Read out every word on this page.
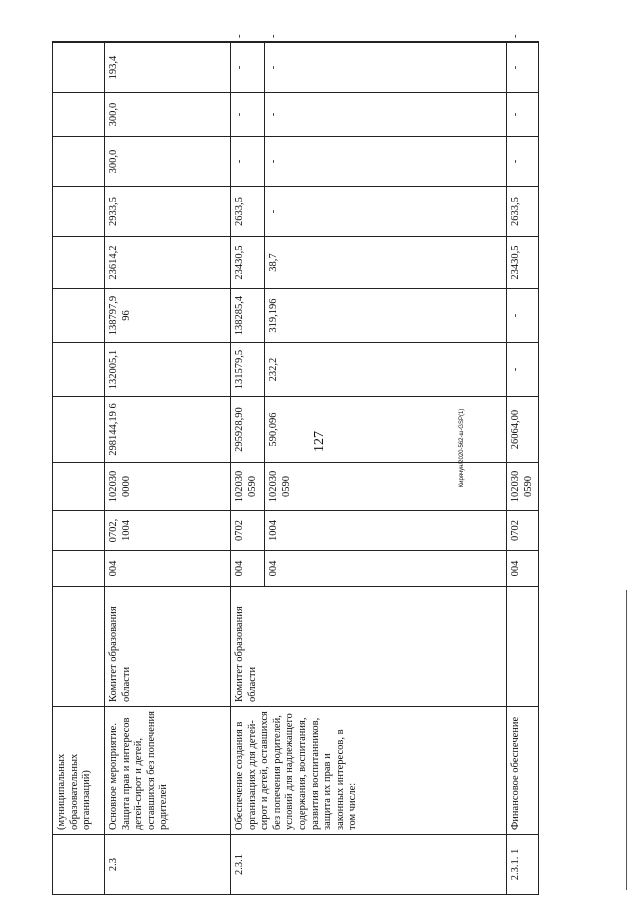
127	Кирячун/2020-562-ш-GSP(1)
	(муниципальных образовательных организаций)													
2.3	Основное мероприятие. Защита прав и интересов детей-сирот и детей, оставшихся без попечения родителей	Комитет образования области	004	0702, 1004	102030 0000	298144,19 6	132005,1	138797,9 96	23614,2	2933,5	300,0	300,0	193,4	
2.3.1	Обеспечение создания в организациях для детей-сирот и детей, оставшихся без попечения родителей, условий для надлежащего содержания, воспитания, развития воспитанников, защита их прав и законных интересов, в том числе:	Комитет образования области	004	0702	102030 0590	295928,90	131579,5	138285,4	23430,5	2633,5	-	-	-	-
			004	1004	102030 0590	590,096	232,2	319,196	38,7	-	-	-	-	-
2.3.1. 1	Финансовое обеспечение		004	0702	102030 0590	26064,00	-	-	23430,5	2633,5	-	-	-	-
